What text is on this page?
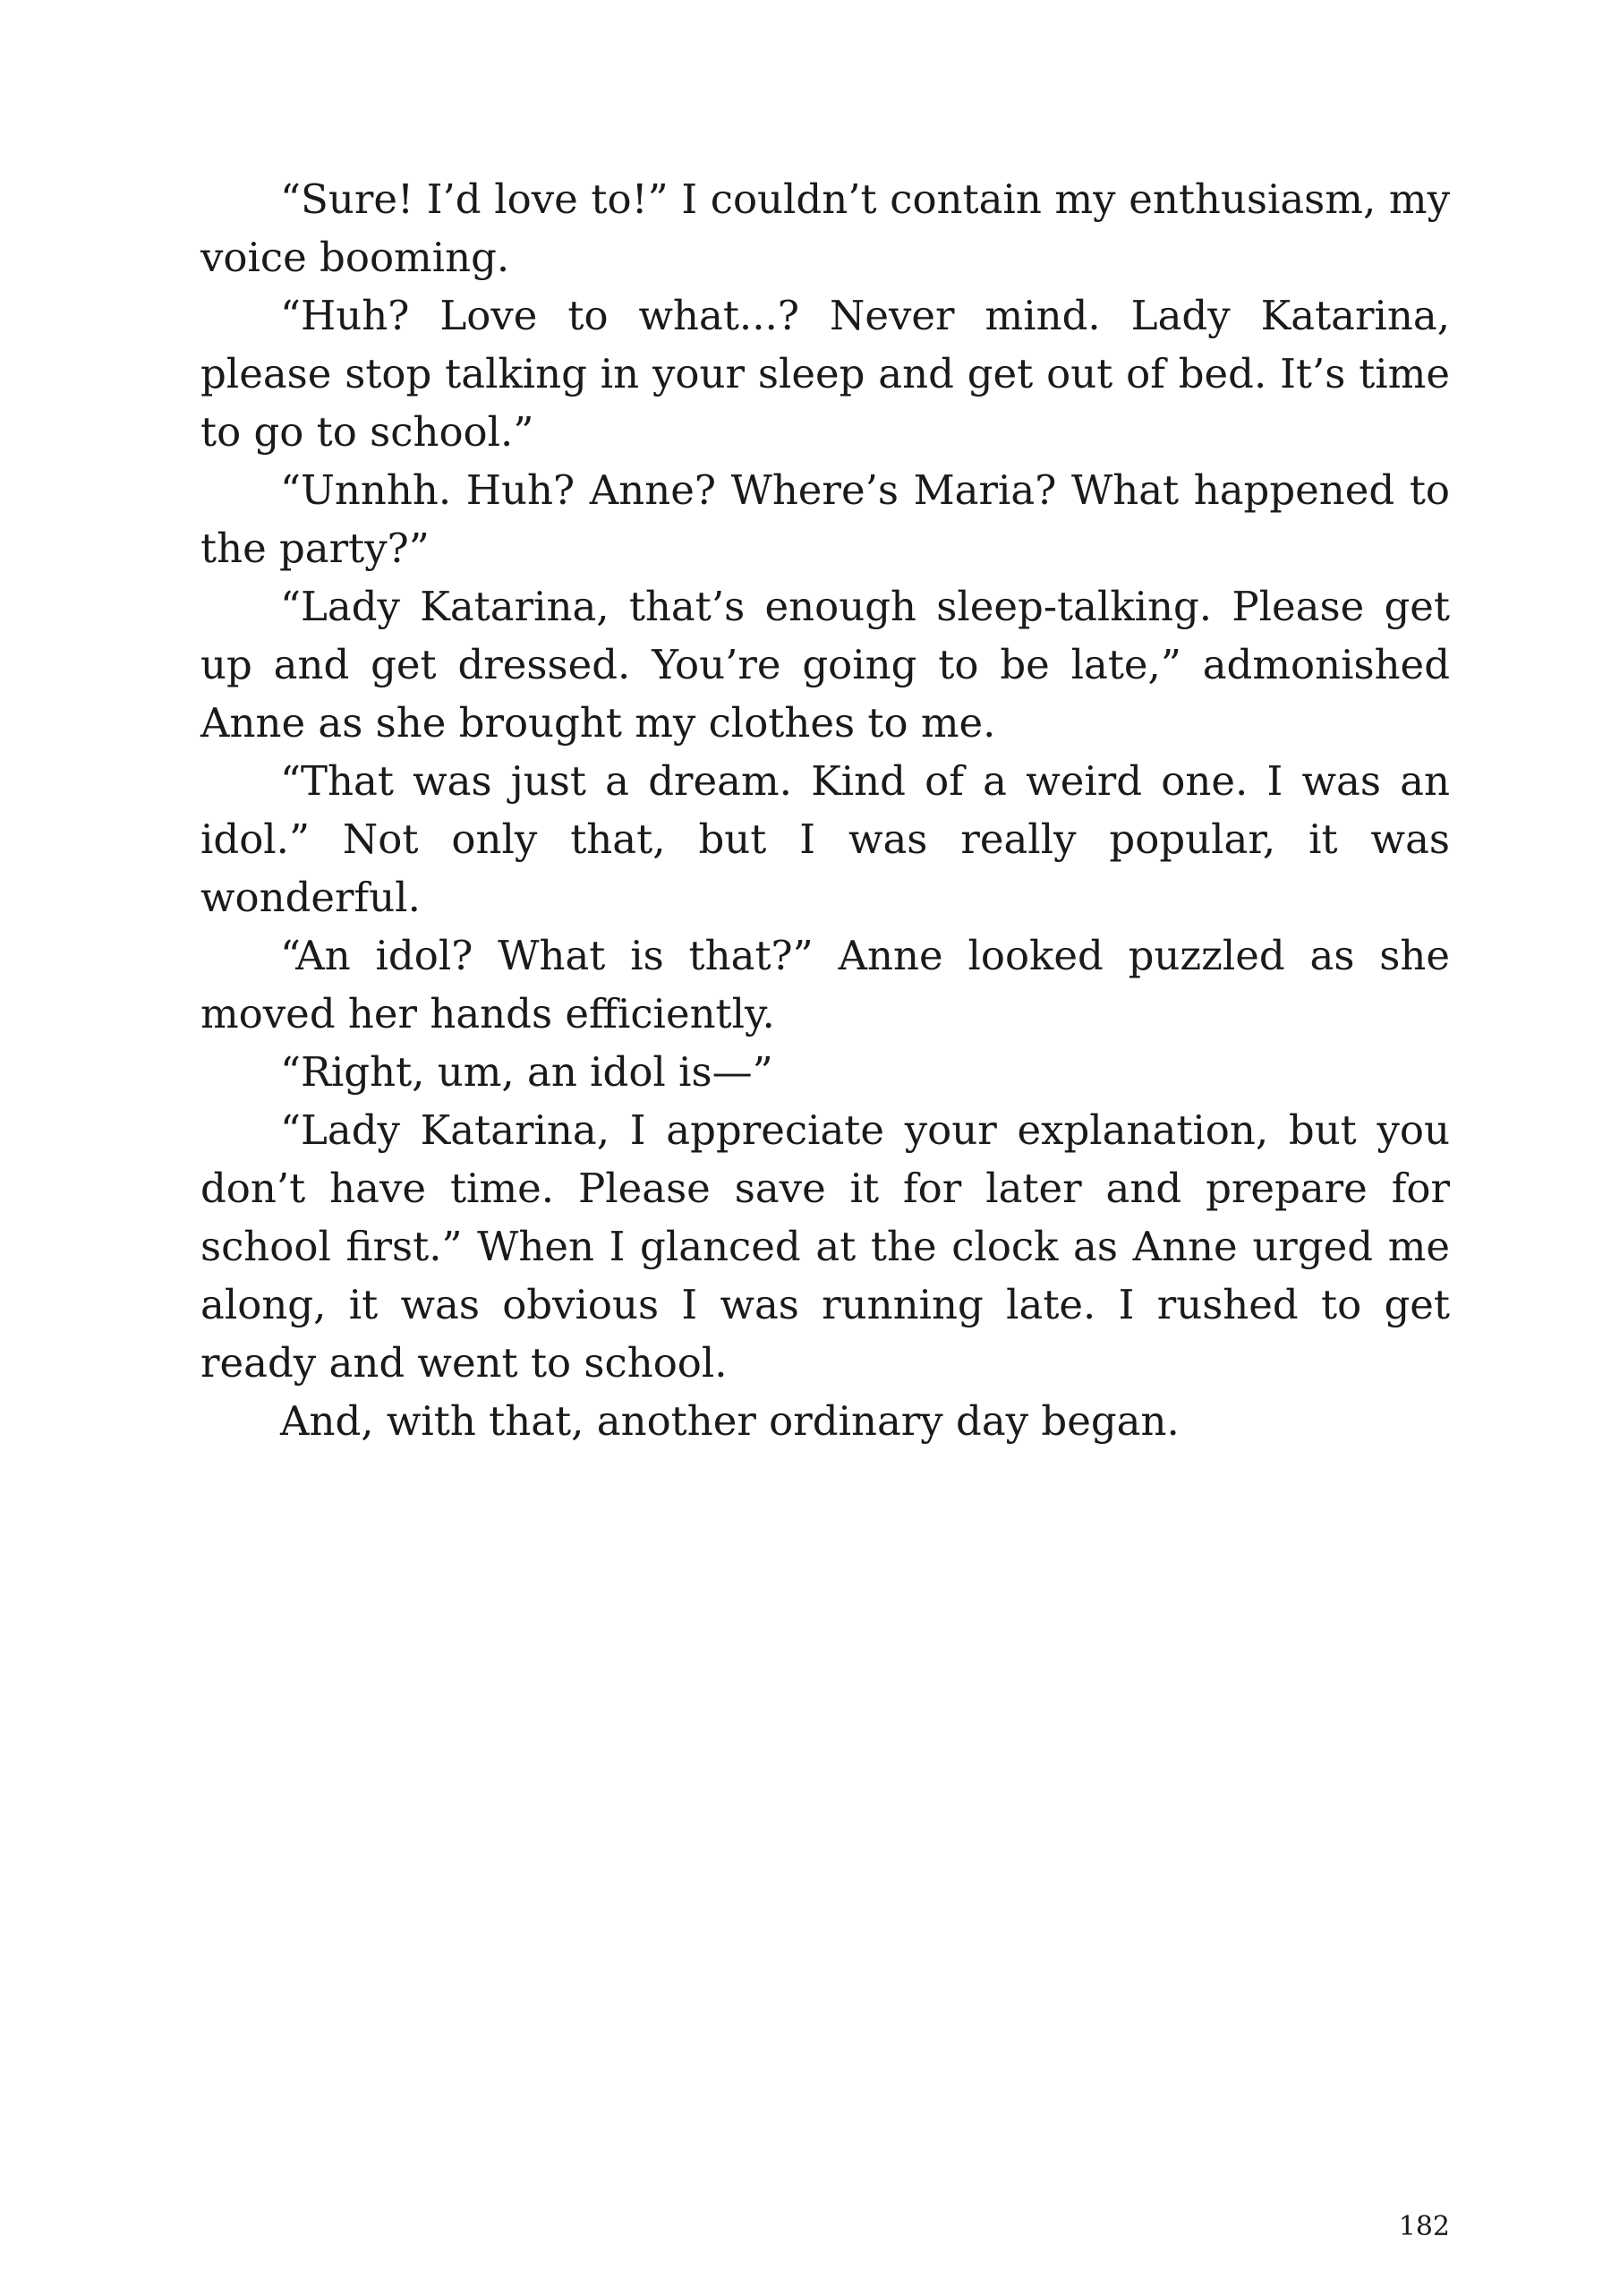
“Sure! I’d love to!” I couldn’t contain my enthusiasm, my voice booming.

“Huh? Love to what...? Never mind. Lady Katarina, please stop talking in your sleep and get out of bed. It’s time to go to school.”

“Unnhh. Huh? Anne? Where’s Maria? What happened to the party?”

“Lady Katarina, that’s enough sleep-talking. Please get up and get dressed. You’re going to be late,” admonished Anne as she brought my clothes to me.

“That was just a dream. Kind of a weird one. I was an idol.” Not only that, but I was really popular, it was wonderful.

“An idol? What is that?” Anne looked puzzled as she moved her hands efficiently.

“Right, um, an idol is—”

“Lady Katarina, I appreciate your explanation, but you don’t have time. Please save it for later and prepare for school first.” When I glanced at the clock as Anne urged me along, it was obvious I was running late. I rushed to get ready and went to school.

And, with that, another ordinary day began.

182
